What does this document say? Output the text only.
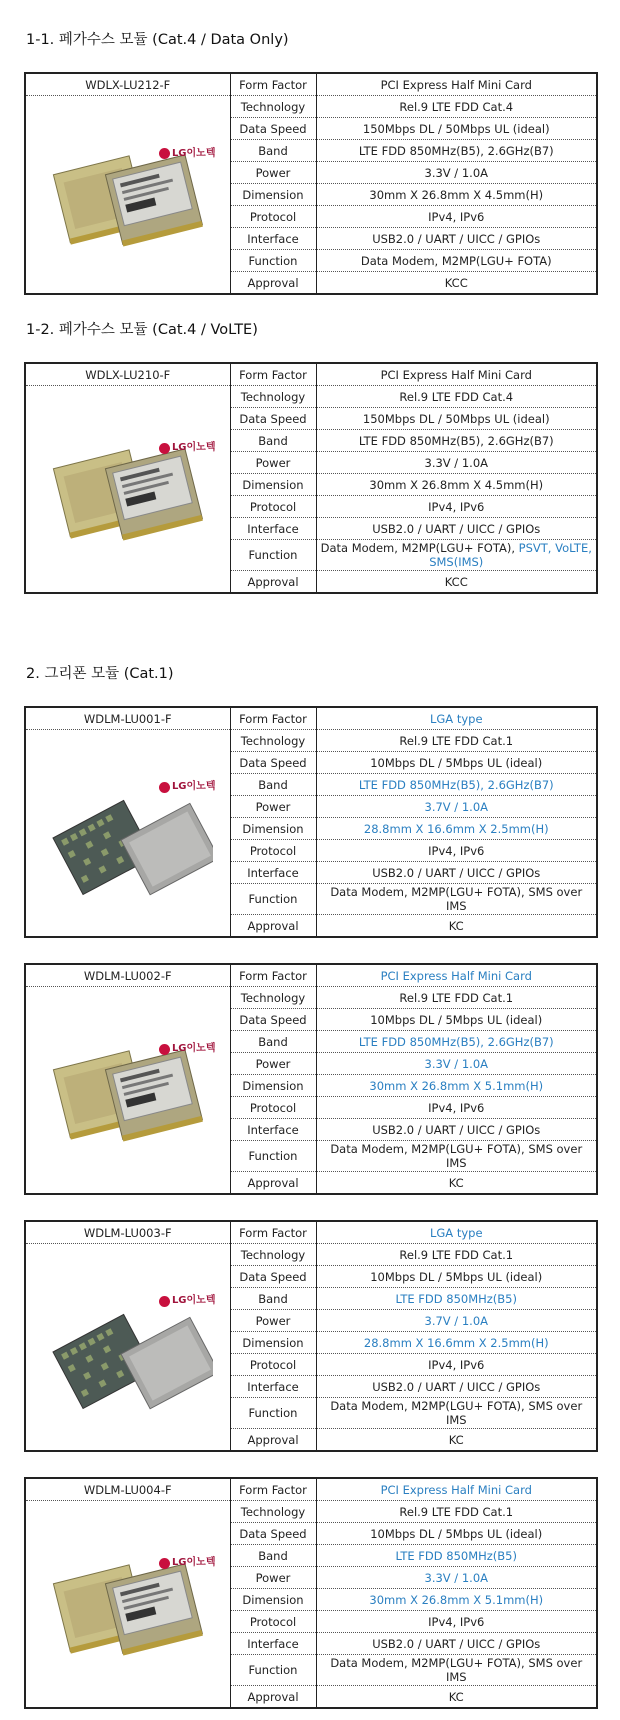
1-1. 페가수스 모듈 (Cat.4 / Data Only)
WDLX-LU212-F	Form Factor	PCI Express Half Mini Card

LG이노텍	Technology	Rel.9 LTE FDD Cat.4
	Data Speed	150Mbps DL / 50Mbps UL (ideal)
	Band	LTE FDD 850MHz(B5), 2.6GHz(B7)
	Power	3.3V / 1.0A
	Dimension	30mm X 26.8mm X 4.5mm(H)
	Protocol	IPv4, IPv6
	Interface	USB2.0 / UART / UICC / GPIOs
	Function	Data Modem, M2MP(LGU+ FOTA)
	Approval	KCC
1-2. 페가수스 모듈 (Cat.4 / VoLTE)
WDLX-LU210-F	Form Factor	PCI Express Half Mini Card

LG이노텍	Technology	Rel.9 LTE FDD Cat.4
	Data Speed	150Mbps DL / 50Mbps UL (ideal)
	Band	LTE FDD 850MHz(B5), 2.6GHz(B7)
	Power	3.3V / 1.0A
	Dimension	30mm X 26.8mm X 4.5mm(H)
	Protocol	IPv4, IPv6
	Interface	USB2.0 / UART / UICC / GPIOs
	Function	Data Modem, M2MP(LGU+ FOTA), PSVT, VoLTE, SMS(IMS)
	Approval	KCC
2. 그리폰 모듈 (Cat.1)
WDLM-LU001-F	Form Factor	LGA type

LG이노텍	Technology	Rel.9 LTE FDD Cat.1
	Data Speed	10Mbps DL / 5Mbps UL (ideal)
	Band	LTE FDD 850MHz(B5), 2.6GHz(B7)
	Power	3.7V / 1.0A
	Dimension	28.8mm X 16.6mm X 2.5mm(H)
	Protocol	IPv4, IPv6
	Interface	USB2.0 / UART / UICC / GPIOs
	Function	Data Modem, M2MP(LGU+ FOTA), SMS over IMS
	Approval	KC
WDLM-LU002-F	Form Factor	PCI Express Half Mini Card

LG이노텍	Technology	Rel.9 LTE FDD Cat.1
	Data Speed	10Mbps DL / 5Mbps UL (ideal)
	Band	LTE FDD 850MHz(B5), 2.6GHz(B7)
	Power	3.3V / 1.0A
	Dimension	30mm X 26.8mm X 5.1mm(H)
	Protocol	IPv4, IPv6
	Interface	USB2.0 / UART / UICC / GPIOs
	Function	Data Modem, M2MP(LGU+ FOTA), SMS over IMS
	Approval	KC
WDLM-LU003-F	Form Factor	LGA type

LG이노텍	Technology	Rel.9 LTE FDD Cat.1
	Data Speed	10Mbps DL / 5Mbps UL (ideal)
	Band	LTE FDD 850MHz(B5)
	Power	3.7V / 1.0A
	Dimension	28.8mm X 16.6mm X 2.5mm(H)
	Protocol	IPv4, IPv6
	Interface	USB2.0 / UART / UICC / GPIOs
	Function	Data Modem, M2MP(LGU+ FOTA), SMS over IMS
	Approval	KC
WDLM-LU004-F	Form Factor	PCI Express Half Mini Card

LG이노텍	Technology	Rel.9 LTE FDD Cat.1
	Data Speed	10Mbps DL / 5Mbps UL (ideal)
	Band	LTE FDD 850MHz(B5)
	Power	3.3V / 1.0A
	Dimension	30mm X 26.8mm X 5.1mm(H)
	Protocol	IPv4, IPv6
	Interface	USB2.0 / UART / UICC / GPIOs
	Function	Data Modem, M2MP(LGU+ FOTA), SMS over IMS
	Approval	KC
